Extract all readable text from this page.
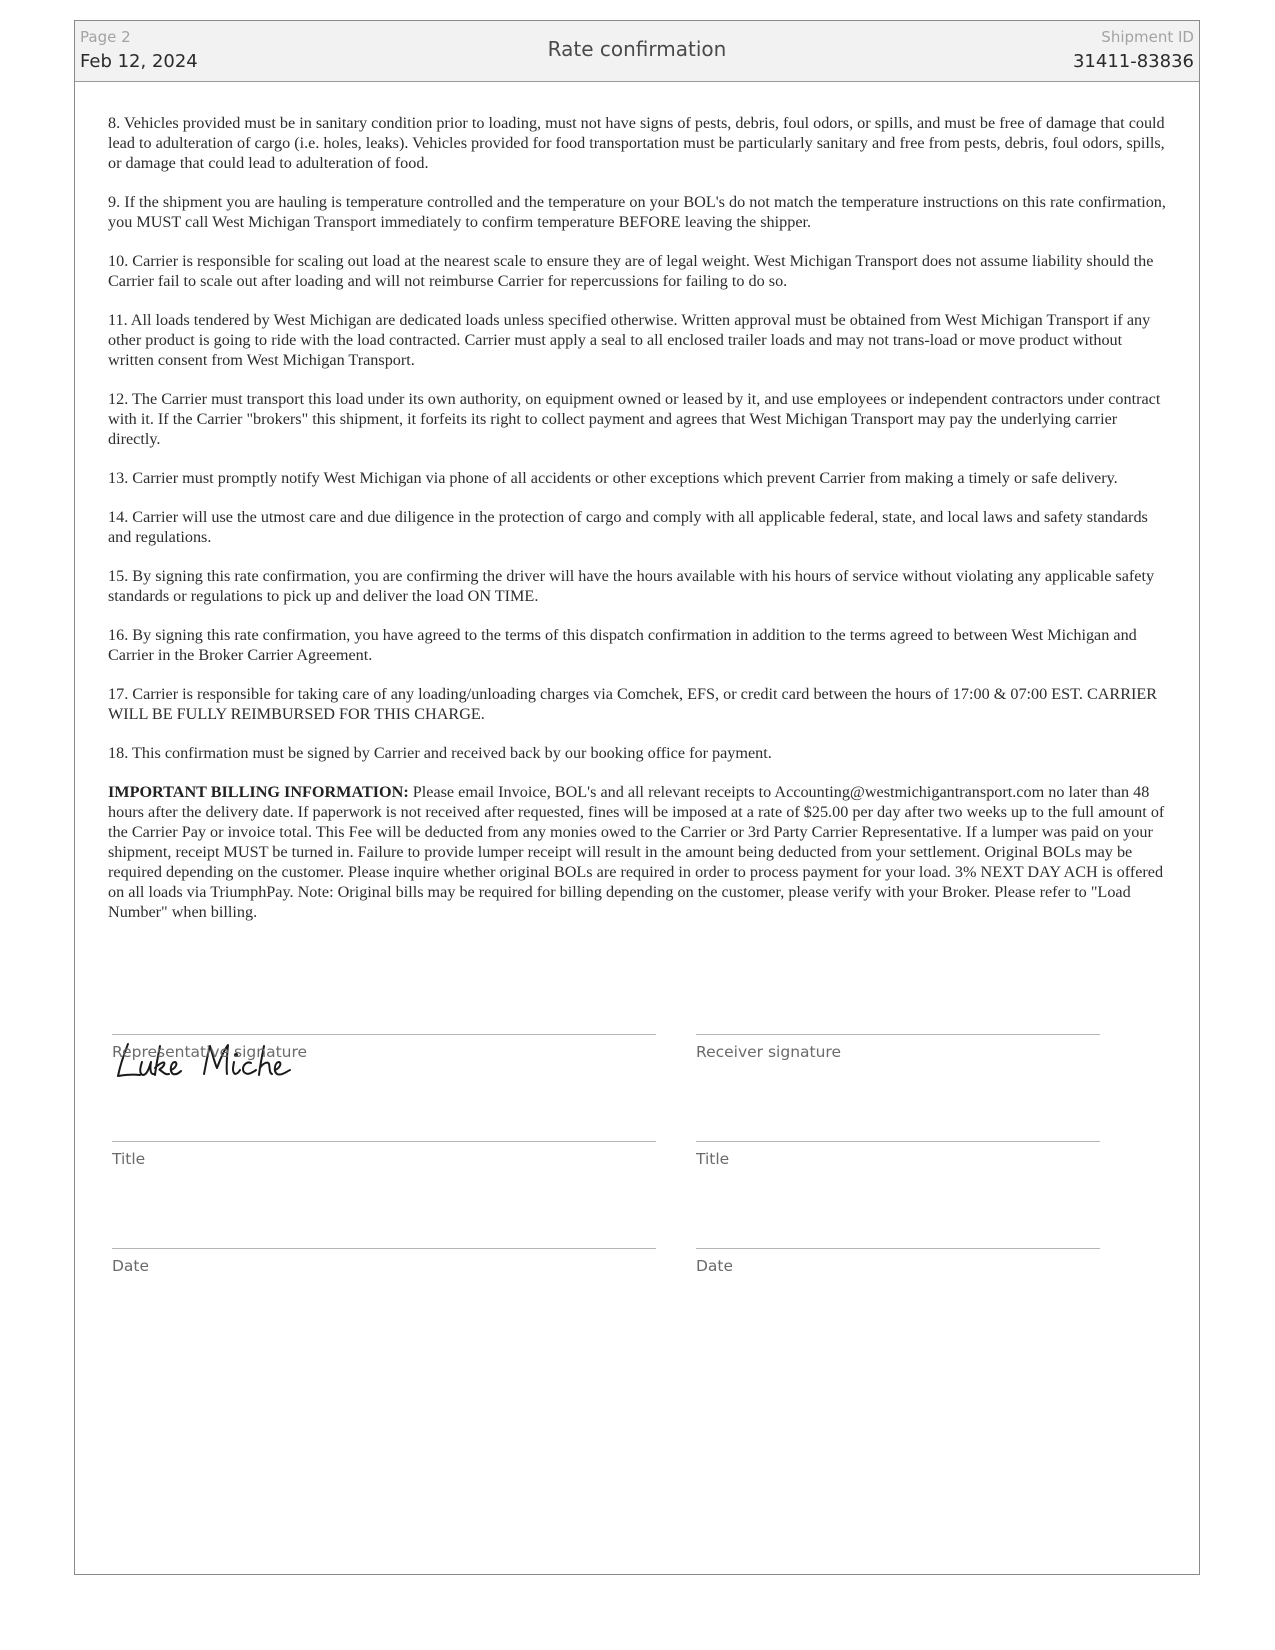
Page 2
Feb 12, 2024
Rate confirmation	Shipment ID
31411-83836

8. Vehicles provided must be in sanitary condition prior to loading, must not have signs of pests, debris, foul odors, or spills, and must be free of damage that could lead to adulteration of cargo (i.e. holes, leaks). Vehicles provided for food transportation must be particularly sanitary and free from pests, debris, foul odors, spills, or damage that could lead to adulteration of food.

9. If the shipment you are hauling is temperature controlled and the temperature on your BOL's do not match the temperature instructions on this rate confirmation, you MUST call West Michigan Transport immediately to confirm temperature BEFORE leaving the shipper.

10. Carrier is responsible for scaling out load at the nearest scale to ensure they are of legal weight. West Michigan Transport does not assume liability should the Carrier fail to scale out after loading and will not reimburse Carrier for repercussions for failing to do so.

11. All loads tendered by West Michigan are dedicated loads unless specified otherwise. Written approval must be obtained from West Michigan Transport if any other product is going to ride with the load contracted. Carrier must apply a seal to all enclosed trailer loads and may not trans-load or move product without written consent from West Michigan Transport.

12. The Carrier must transport this load under its own authority, on equipment owned or leased by it, and use employees or independent contractors under contract with it. If the Carrier "brokers" this shipment, it forfeits its right to collect payment and agrees that West Michigan Transport may pay the underlying carrier directly.

13. Carrier must promptly notify West Michigan via phone of all accidents or other exceptions which prevent Carrier from making a timely or safe delivery.

14. Carrier will use the utmost care and due diligence in the protection of cargo and comply with all applicable federal, state, and local laws and safety standards and regulations.

15. By signing this rate confirmation, you are confirming the driver will have the hours available with his hours of service without violating any applicable safety standards or regulations to pick up and deliver the load ON TIME.

16. By signing this rate confirmation, you have agreed to the terms of this dispatch confirmation in addition to the terms agreed to between West Michigan and Carrier in the Broker Carrier Agreement.

17. Carrier is responsible for taking care of any loading/unloading charges via Comchek, EFS, or credit card between the hours of 17:00 & 07:00 EST. CARRIER WILL BE FULLY REIMBURSED FOR THIS CHARGE.

18. This confirmation must be signed by Carrier and received back by our booking office for payment.

IMPORTANT BILLING INFORMATION: Please email Invoice, BOL's and all relevant receipts to Accounting@westmichigantransport.com no later than 48 hours after the delivery date. If paperwork is not received after requested, fines will be imposed at a rate of $25.00 per day after two weeks up to the full amount of the Carrier Pay or invoice total. This Fee will be deducted from any monies owed to the Carrier or 3rd Party Carrier Representative. If a lumper was paid on your shipment, receipt MUST be turned in. Failure to provide lumper receipt will result in the amount being deducted from your settlement. Original BOLs may be required depending on the customer. Please inquire whether original BOLs are required in order to process payment for your load. 3% NEXT DAY ACH is offered on all loads via TriumphPay. Note: Original bills may be required for billing depending on the customer, please verify with your Broker. Please refer to "Load Number" when billing.

Representative signature	Receiver signature
Title	Title
Date	Date
